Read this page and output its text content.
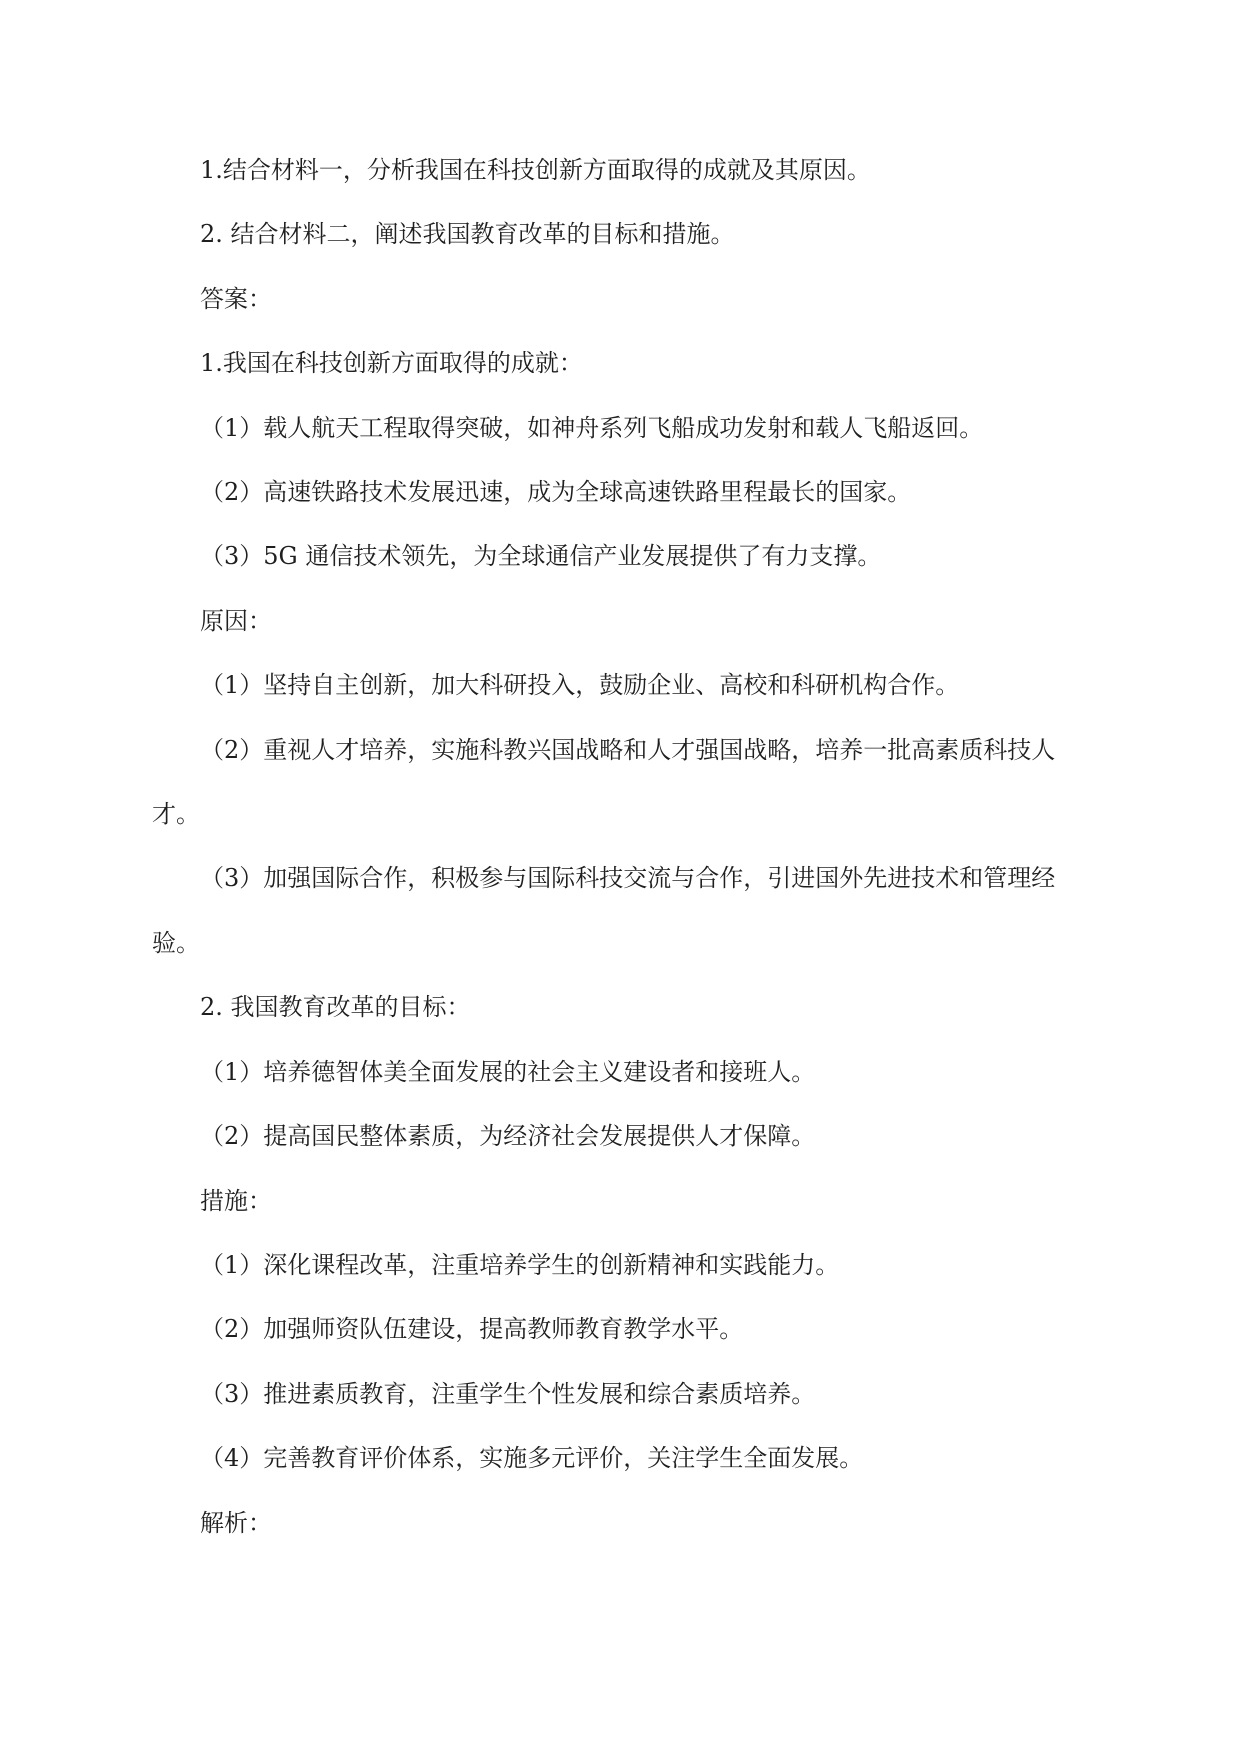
1.结合材料一，分析我国在科技创新方面取得的成就及其原因。

2. 结合材料二，阐述我国教育改革的目标和措施。

答案：

1.我国在科技创新方面取得的成就：

（1）载人航天工程取得突破，如神舟系列飞船成功发射和载人飞船返回。

（2）高速铁路技术发展迅速，成为全球高速铁路里程最长的国家。

（3）5G 通信技术领先，为全球通信产业发展提供了有力支撑。

原因：

（1）坚持自主创新，加大科研投入，鼓励企业、高校和科研机构合作。

（2）重视人才培养，实施科教兴国战略和人才强国战略，培养一批高素质科技人才。

（3）加强国际合作，积极参与国际科技交流与合作，引进国外先进技术和管理经验。

2. 我国教育改革的目标：

（1）培养德智体美全面发展的社会主义建设者和接班人。

（2）提高国民整体素质，为经济社会发展提供人才保障。

措施：

（1）深化课程改革，注重培养学生的创新精神和实践能力。

（2）加强师资队伍建设，提高教师教育教学水平。

（3）推进素质教育，注重学生个性发展和综合素质培养。

（4）完善教育评价体系，实施多元评价，关注学生全面发展。

解析：
